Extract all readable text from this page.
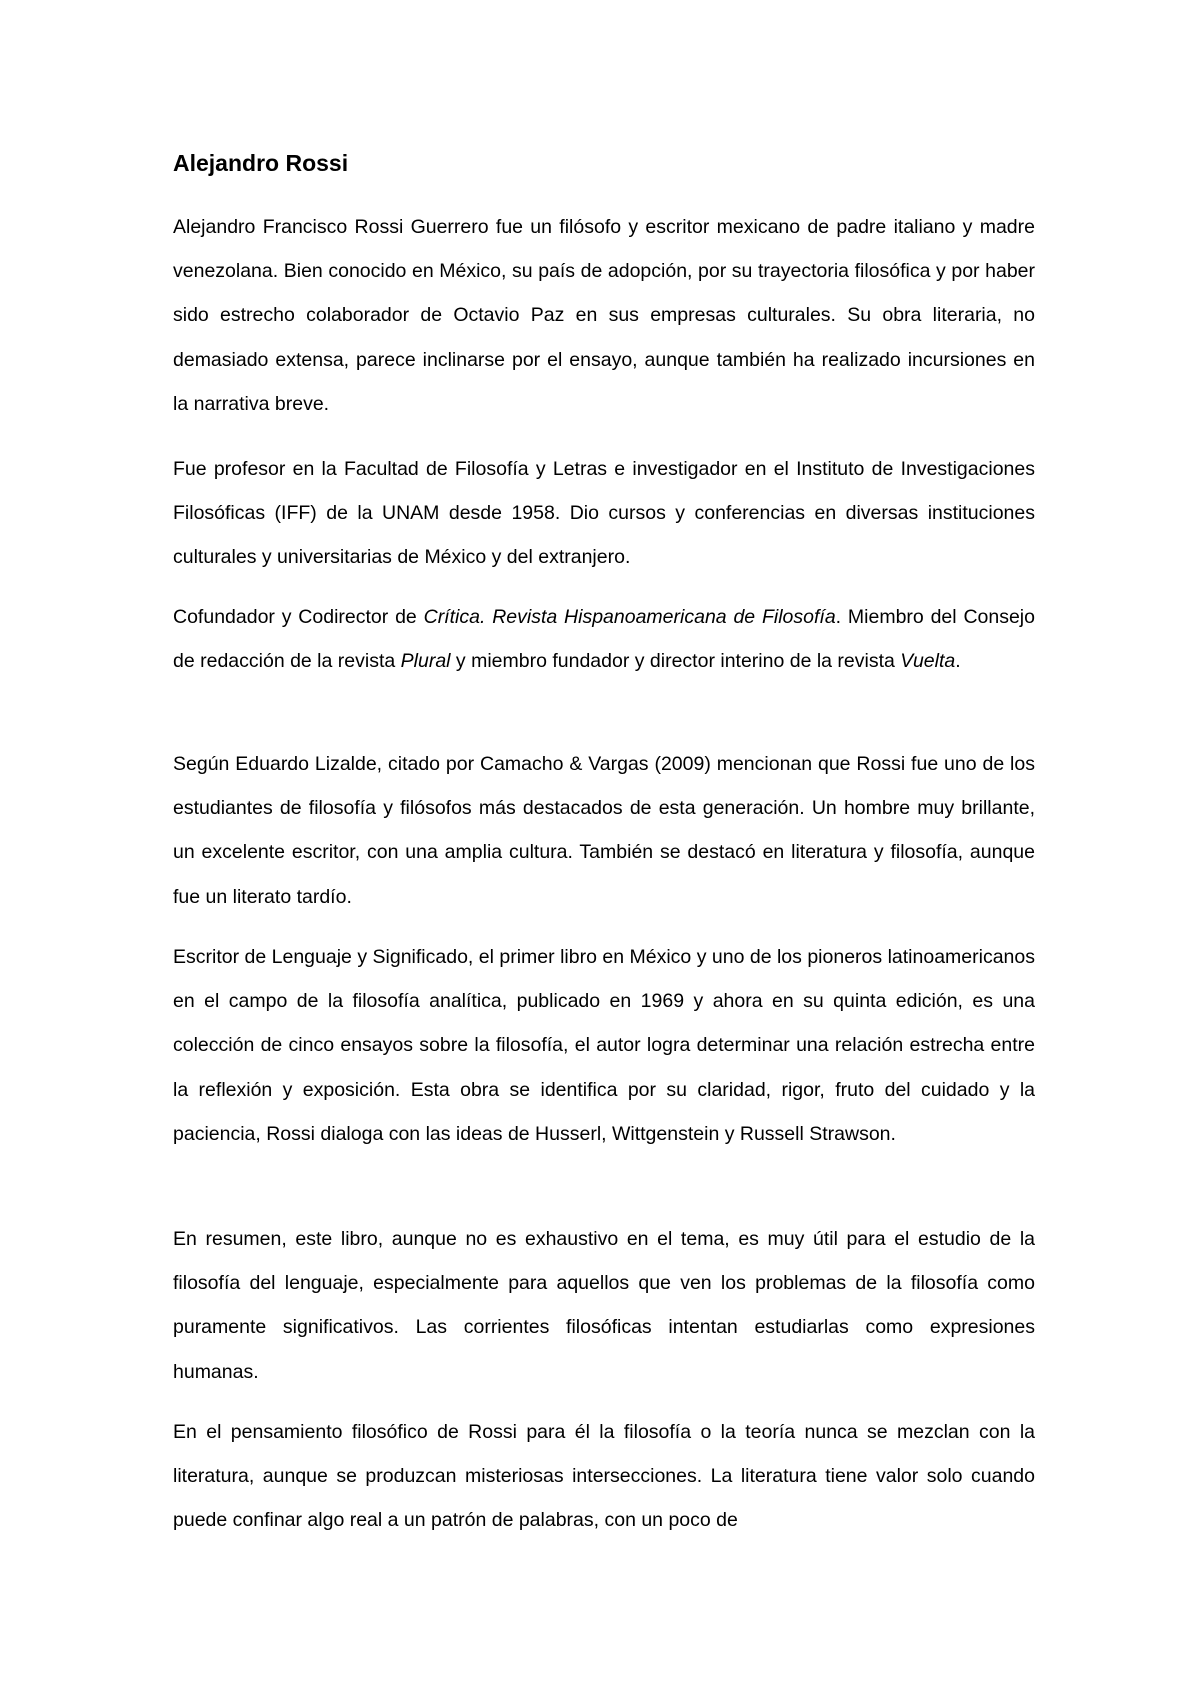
Alejandro Rossi

Alejandro Francisco Rossi Guerrero fue un filósofo y escritor mexicano de padre italiano y madre venezolana. Bien conocido en México, su país de adopción, por su trayectoria filosófica y por haber sido estrecho colaborador de Octavio Paz en sus empresas culturales. Su obra literaria, no demasiado extensa, parece inclinarse por el ensayo, aunque también ha realizado incursiones en la narrativa breve.

Fue profesor en la Facultad de Filosofía y Letras e investigador en el Instituto de Investigaciones Filosóficas (IFF) de la UNAM desde 1958. Dio cursos y conferencias en diversas instituciones culturales y universitarias de México y del extranjero.

Cofundador y Codirector de Crítica. Revista Hispanoamericana de Filosofía. Miembro del Consejo de redacción de la revista Plural y miembro fundador y director interino de la revista Vuelta.

Según Eduardo Lizalde, citado por Camacho & Vargas (2009) mencionan que Rossi fue uno de los estudiantes de filosofía y filósofos más destacados de esta generación. Un hombre muy brillante, un excelente escritor, con una amplia cultura. También se destacó en literatura y filosofía, aunque fue un literato tardío.

Escritor de Lenguaje y Significado, el primer libro en México y uno de los pioneros latinoamericanos en el campo de la filosofía analítica, publicado en 1969 y ahora en su quinta edición, es una colección de cinco ensayos sobre la filosofía, el autor logra determinar una relación estrecha entre la reflexión y exposición. Esta obra se identifica por su claridad, rigor, fruto del cuidado y la paciencia, Rossi dialoga con las ideas de Husserl, Wittgenstein y Russell Strawson.

En resumen, este libro, aunque no es exhaustivo en el tema, es muy útil para el estudio de la filosofía del lenguaje, especialmente para aquellos que ven los problemas de la filosofía como puramente significativos. Las corrientes filosóficas intentan estudiarlas como expresiones humanas.

En el pensamiento filosófico de Rossi para él la filosofía o la teoría nunca se mezclan con la literatura, aunque se produzcan misteriosas intersecciones. La literatura tiene valor solo cuando puede confinar algo real a un patrón de palabras, con un poco de
